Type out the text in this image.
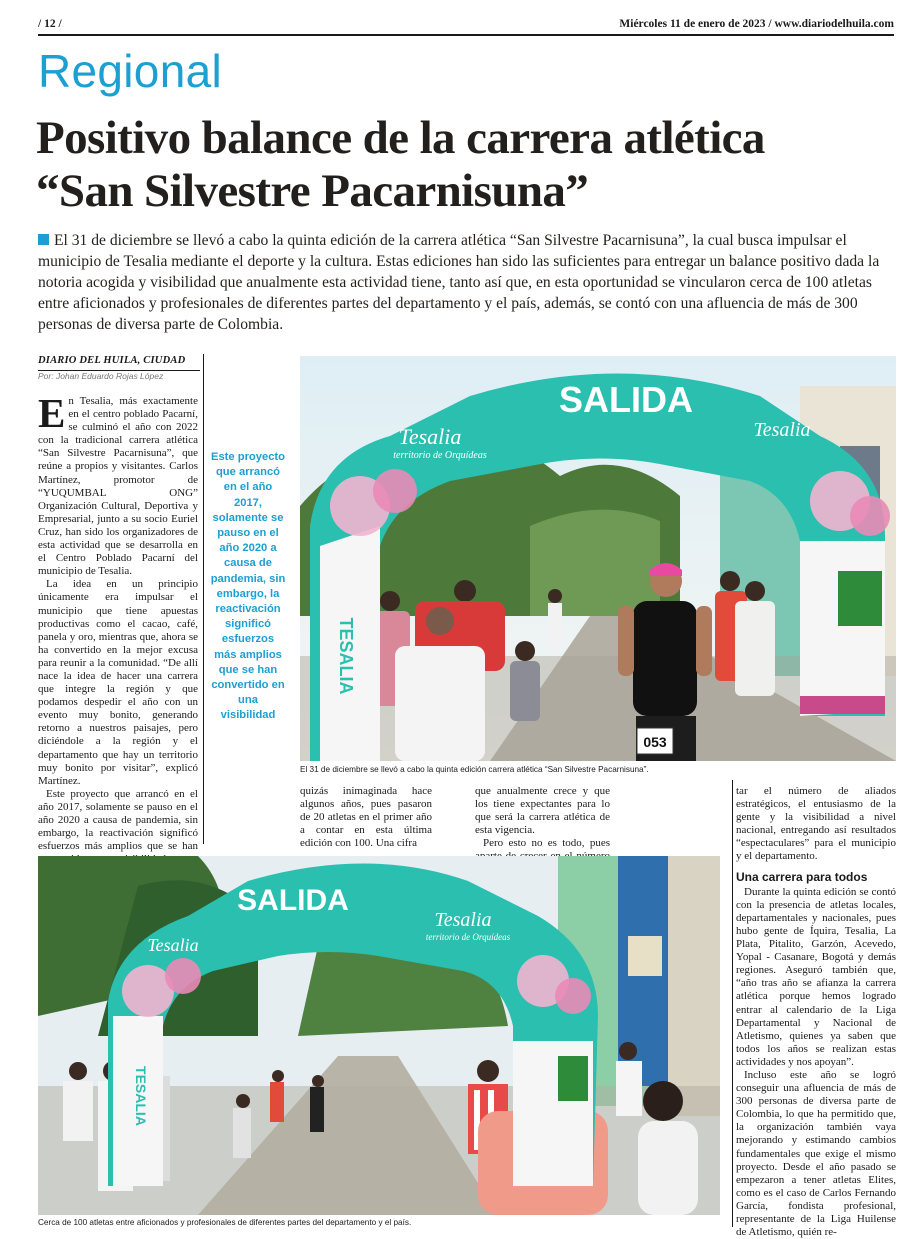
/ 12 /	Miércoles 11 de enero de 2023 / www.diariodelhuila.com
Regional
Positivo balance de la carrera atlética
“San Silvestre Pacarnisuna”
El 31 de diciembre se llevó a cabo la quinta edición de la carrera atlética “San Silvestre Pacarnisuna”, la cual busca impulsar el municipio de Tesalia mediante el deporte y la cultura. Estas ediciones han sido las suficientes para entregar un balance positivo dada la notoria acogida y visibilidad que anualmente esta actividad tiene, tanto así que, en esta oportunidad se vincularon cerca de 100 atletas entre aficionados y profesionales de diferentes partes del departamento y el país, además, se contó con una afluencia de más de 300 personas de diversa parte de Colombia.
DIARIO DEL HUILA, CIUDAD
Por: Johan Eduardo Rojas López

En Tesalia, más exactamente en el centro poblado Pacarní, se culminó el año con 2022 con la tradicional carrera atlética “San Silvestre Pacarnisuna”, que reúne a propios y visitantes. Carlos Martínez, promotor de “YUQUMBAL ONG” Organización Cultural, Deportiva y Empresarial, junto a su socio Euriel Cruz, han sido los organizadores de esta actividad que se desarrolla en el Centro Poblado Pacarní del municipio de Tesalia.

La idea en un principio únicamente era impulsar el municipio que tiene apuestas productivas como el cacao, café, panela y oro, mientras que, ahora se ha convertido en la mejor excusa para reunir a la comunidad. “De allí nace la idea de hacer una carrera que integre la región y que podamos despedir el año con un evento muy bonito, generando retorno a nuestros paisajes, pero diciéndole a la región y el departamento que hay un territorio muy bonito por visitar”, explicó Martínez.

Este proyecto que arrancó en el año 2017, solamente se pauso en el año 2020 a causa de pandemia, sin embargo, la reactivación significó esfuerzos más amplios que se han

Este proyecto que arrancó en el año 2017, solamente se pauso en el año 2020 a causa de pandemia, sin embargo, la reactivación significó esfuerzos más amplios que se han convertido en una visibilidad
053
SALIDA
Tesalia
territorio de Orquídeas
Tesalia
TESALIA
El 31 de diciembre se llevó a cabo la quinta edición carrera atlética “San Silvestre Pacarnisuna”.

quizás inimaginada hace algunos años, pues pasaron de 20 atletas en el primer año a contar en esta última edición con 100. Una cifra

que anualmente crece y que los tiene expectantes para lo que será la carrera atlética de esta vigencia.

Pero esto no es todo, pues

tar el número de aliados estratégicos, el entusiasmo de la gente y la visibilidad a nivel nacional, entregando así resultados “espectaculares” para el municipio y el departamento.

Una carrera para todos

Durante la quinta edición se contó con la presencia de atletas locales, departamentales y nacionales, pues hubo gente de Íquira, Tesalia, La Plata, Pitalito, Garzón, Acevedo, Yopal - Casanare, Bogotá y demás regiones. Aseguró también que, “año tras año se afianza la carrera atlética porque hemos logrado entrar al calendario de la Liga Departamental y Nacional de Atletismo, quienes ya saben que todos los años se realizan estas actividades y nos apoyan”.

Incluso este año se logró conseguir una afluencia de más de 300 personas de diversa parte de Colombia, lo que ha permitido que, la organización también vaya mejorando y estimando cambios fundamentales que exige el mismo proyecto. Desde el año pasado se empezaron a tener atletas Elites, como es el caso de Carlos Fernando García, fondista profesional, representante de la Liga Huilense de Atletismo, quién re-

SALIDA
Tesalia
Tesalia
territorio de Orquídeas
TESALIA
Cerca de 100 atletas entre aficionados y profesionales de diferentes partes del departamento y el país.
